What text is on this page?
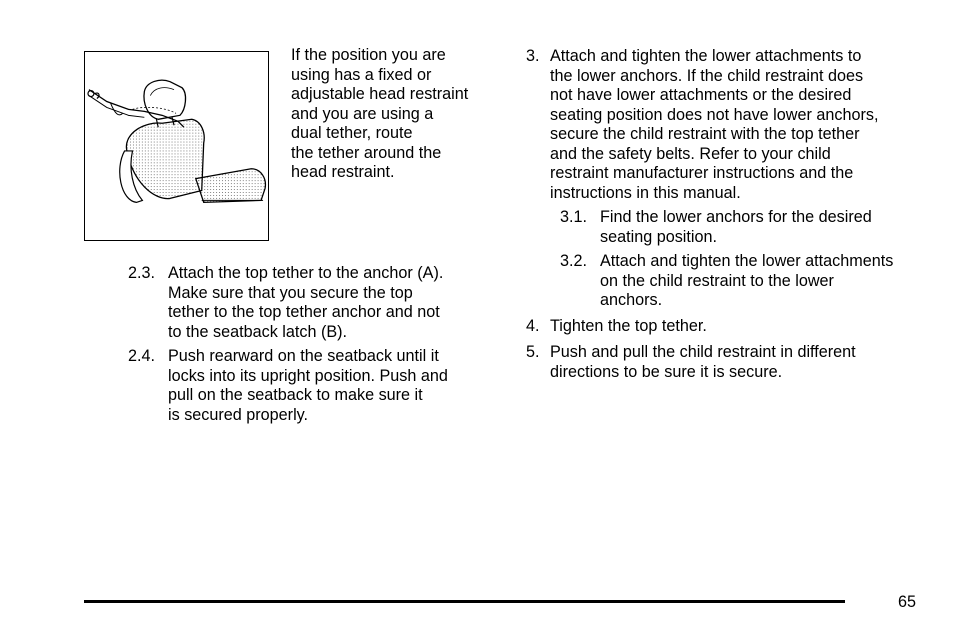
If the position you are
using has a fixed or
adjustable head restraint
and you are using a
dual tether, route
the tether around the
head restraint.
2.3. Attach the top tether to the anchor (A).
Make sure that you secure the top
tether to the top tether anchor and not
to the seatback latch (B).
2.4. Push rearward on the seatback until it
locks into its upright position. Push and
pull on the seatback to make sure it
is secured properly.
3. Attach and tighten the lower attachments to
the lower anchors. If the child restraint does
not have lower attachments or the desired
seating position does not have lower anchors,
secure the child restraint with the top tether
and the safety belts. Refer to your child
restraint manufacturer instructions and the
instructions in this manual.
3.1. Find the lower anchors for the desired
seating position.
3.2. Attach and tighten the lower attachments
on the child restraint to the lower
anchors.
4. Tighten the top tether.
5. Push and pull the child restraint in different
directions to be sure it is secure.
65
